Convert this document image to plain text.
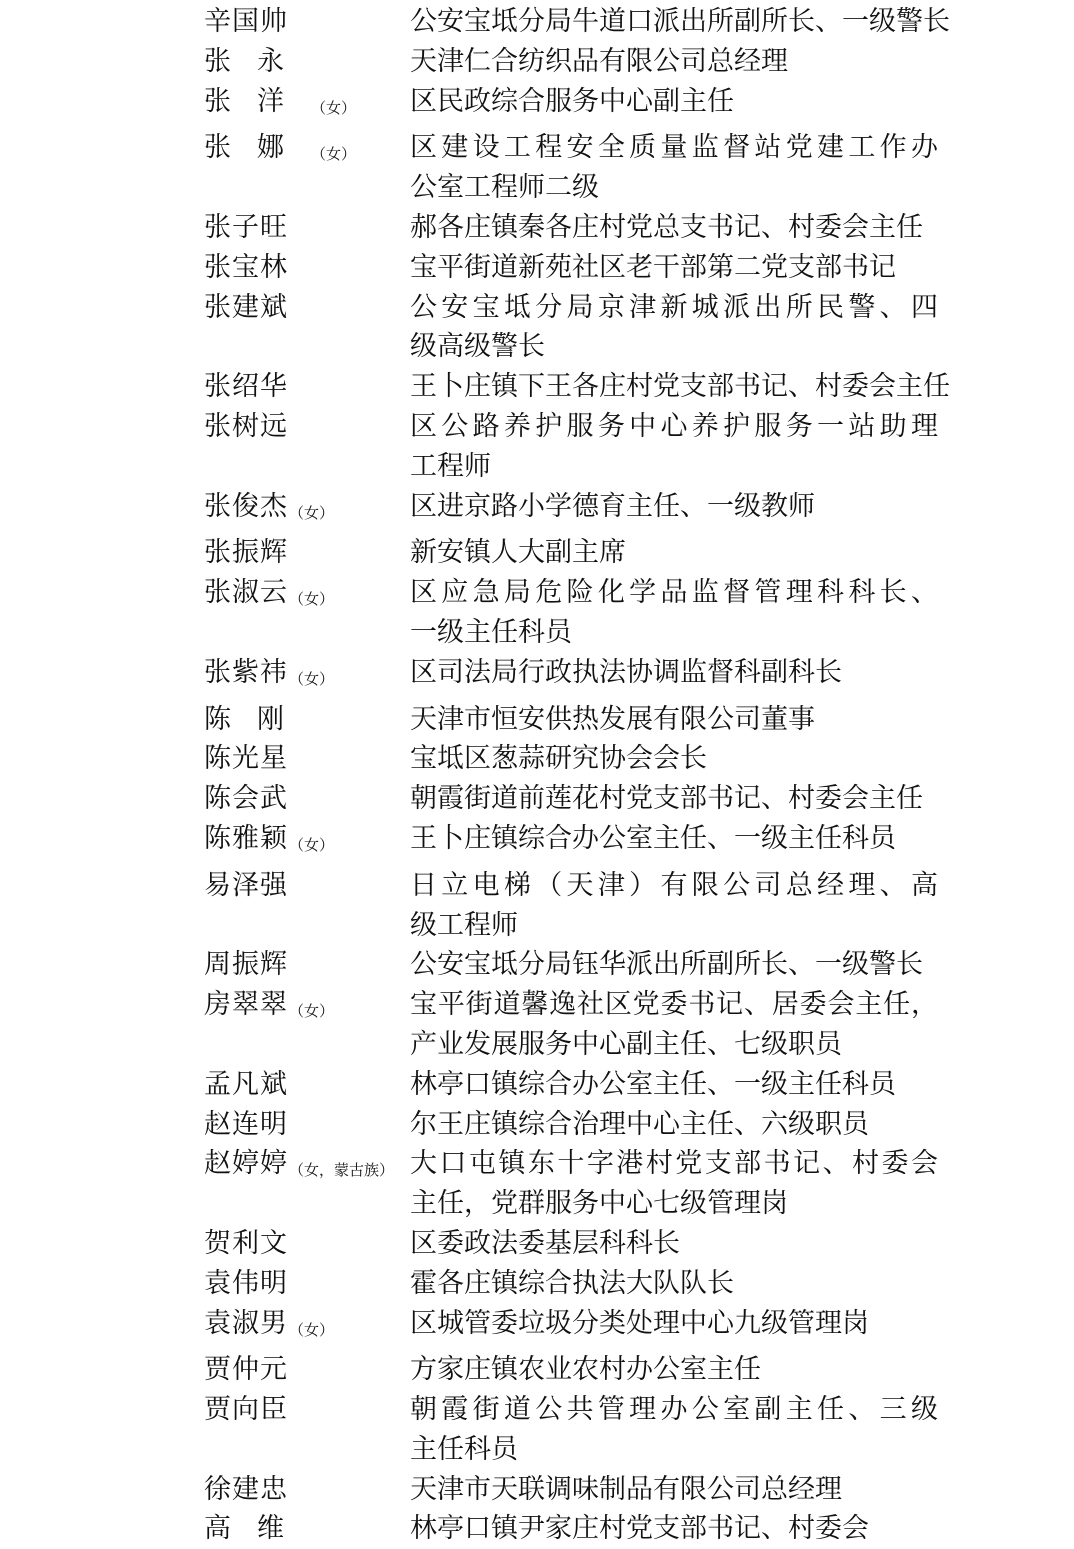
辛国帅	公安宝坻分局牛道口派出所副所长、一级警长
张永	天津仁合纺织品有限公司总经理
张洋（女）	区民政综合服务中心副主任
张娜（女）	区建设工程安全质量监督站党建工作办
公室工程师二级
张子旺	郝各庄镇秦各庄村党总支书记、村委会主任
张宝林	宝平街道新苑社区老干部第二党支部书记
张建斌	公安宝坻分局京津新城派出所民警、四
级高级警长
张绍华	王卜庄镇下王各庄村党支部书记、村委会主任
张树远	区公路养护服务中心养护服务一站助理
工程师
张俊杰（女）	区进京路小学德育主任、一级教师
张振辉	新安镇人大副主席
张淑云（女）	区应急局危险化学品监督管理科科长、
一级主任科员
张紫祎（女）	区司法局行政执法协调监督科副科长
陈刚	天津市恒安供热发展有限公司董事
陈光星	宝坻区葱蒜研究协会会长
陈会武	朝霞街道前莲花村党支部书记、村委会主任
陈雅颖（女）	王卜庄镇综合办公室主任、一级主任科员
易泽强	日立电梯（天津）有限公司总经理、高
级工程师
周振辉	公安宝坻分局钰华派出所副所长、一级警长
房翠翠（女）	宝平街道馨逸社区党委书记、居委会主任，
产业发展服务中心副主任、七级职员
孟凡斌	林亭口镇综合办公室主任、一级主任科员
赵连明	尔王庄镇综合治理中心主任、六级职员
赵婷婷（女，蒙古族） 大口屯镇东十字港村党支部书记、村委会
主任，党群服务中心七级管理岗
贺利文	区委政法委基层科科长
袁伟明	霍各庄镇综合执法大队队长
袁淑男（女）	区城管委垃圾分类处理中心九级管理岗
贾仲元	方家庄镇农业农村办公室主任
贾向臣	朝霞街道公共管理办公室副主任、三级
主任科员
徐建忠	天津市天联调味制品有限公司总经理
高维	林亭口镇尹家庄村党支部书记、村委会
